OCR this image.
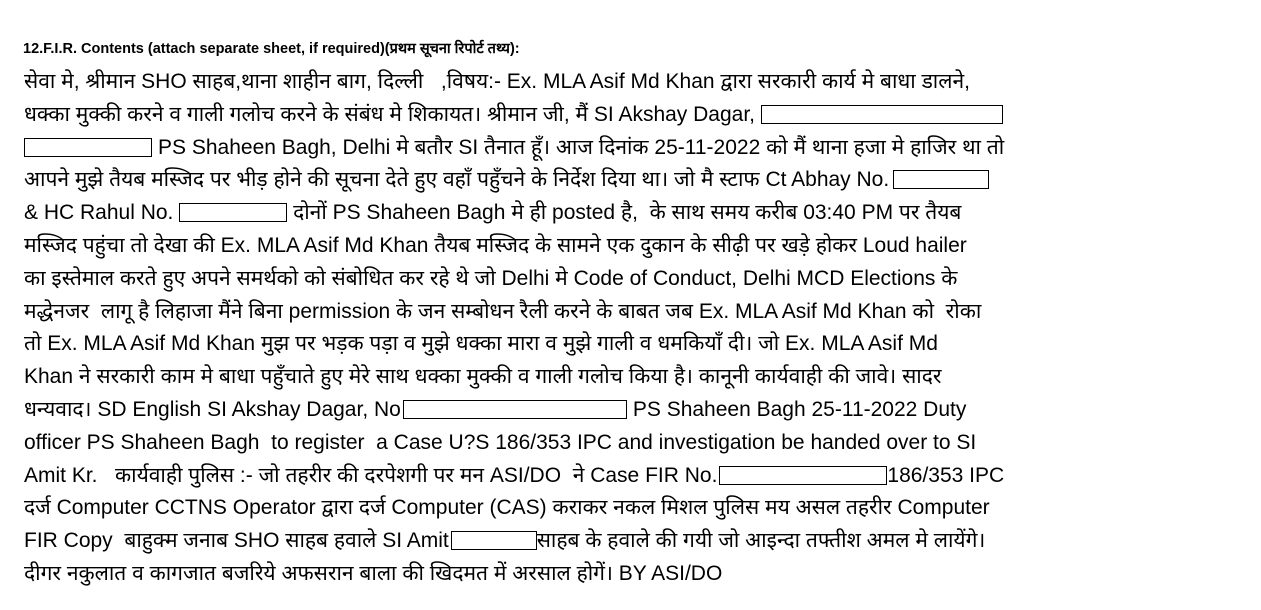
12.F.I.R. Contents (attach separate sheet, if required)(प्रथम सूचना रिपोर्ट तथ्य):
सेवा मे, श्रीमान SHO साहब,थाना शाहीन बाग, दिल्ली   ,विषय:- Ex. MLA Asif Md Khan द्वारा सरकारी कार्य मे बाधा डालने,
धक्का मुक्की करने व गाली गलोच करने के संबंध मे शिकायत। श्रीमान जी, मैं SI Akshay Dagar,
PS Shaheen Bagh, Delhi मे बतौर SI तैनात हूँ। आज दिनांक 25-11-2022 को मैं थाना हजा मे हाजिर था तो
आपने मुझे तैयब मस्जिद पर भीड़ होने की सूचना देते हुए वहाँ पहुँचने के निर्देश दिया था। जो मै स्टाफ Ct Abhay No.
& HC Rahul No.	दोनों PS Shaheen Bagh मे ही posted है,  के साथ समय करीब 03:40 PM पर तैयब
मस्जिद पहुंचा तो देखा की Ex. MLA Asif Md Khan तैयब मस्जिद के सामने एक दुकान के सीढ़ी पर खड़े होकर Loud hailer
का इस्तेमाल करते हुए अपने समर्थको को संबोधित कर रहे थे जो Delhi मे Code of Conduct, Delhi MCD Elections के
मद्धेनजर  लागू है लिहाजा मैंने बिना permission के जन सम्बोधन रैली करने के बाबत जब Ex. MLA Asif Md Khan को  रोका
तो Ex. MLA Asif Md Khan मुझ पर भड़क पड़ा व मुझे धक्का मारा व मुझे गाली व धमकियाँ दी। जो Ex. MLA Asif Md
Khan ने सरकारी काम मे बाधा पहुँचाते हुए मेरे साथ धक्का मुक्की व गाली गलोच किया है। कानूनी कार्यवाही की जावे। सादर
धन्यवाद। SD English SI Akshay Dagar, No	PS Shaheen Bagh 25-11-2022 Duty
officer PS Shaheen Bagh  to register  a Case U?S 186/353 IPC and investigation be handed over to SI
Amit Kr.   कार्यवाही पुलिस :- जो तहरीर की दरपेशगी पर मन ASI/DO  ने Case FIR No.	186/353 IPC
दर्ज Computer CCTNS Operator द्वारा दर्ज Computer (CAS) कराकर नकल मिशल पुलिस मय असल तहरीर Computer
FIR Copy  बाहुक्म जनाब SHO साहब हवाले SI Amit	साहब के हवाले की गयी जो आइन्दा तफ्तीश अमल मे लायेंगे।
दीगर नकुलात व कागजात बजरिये अफसरान बाला की खिदमत में अरसाल होगें। BY ASI/DO
